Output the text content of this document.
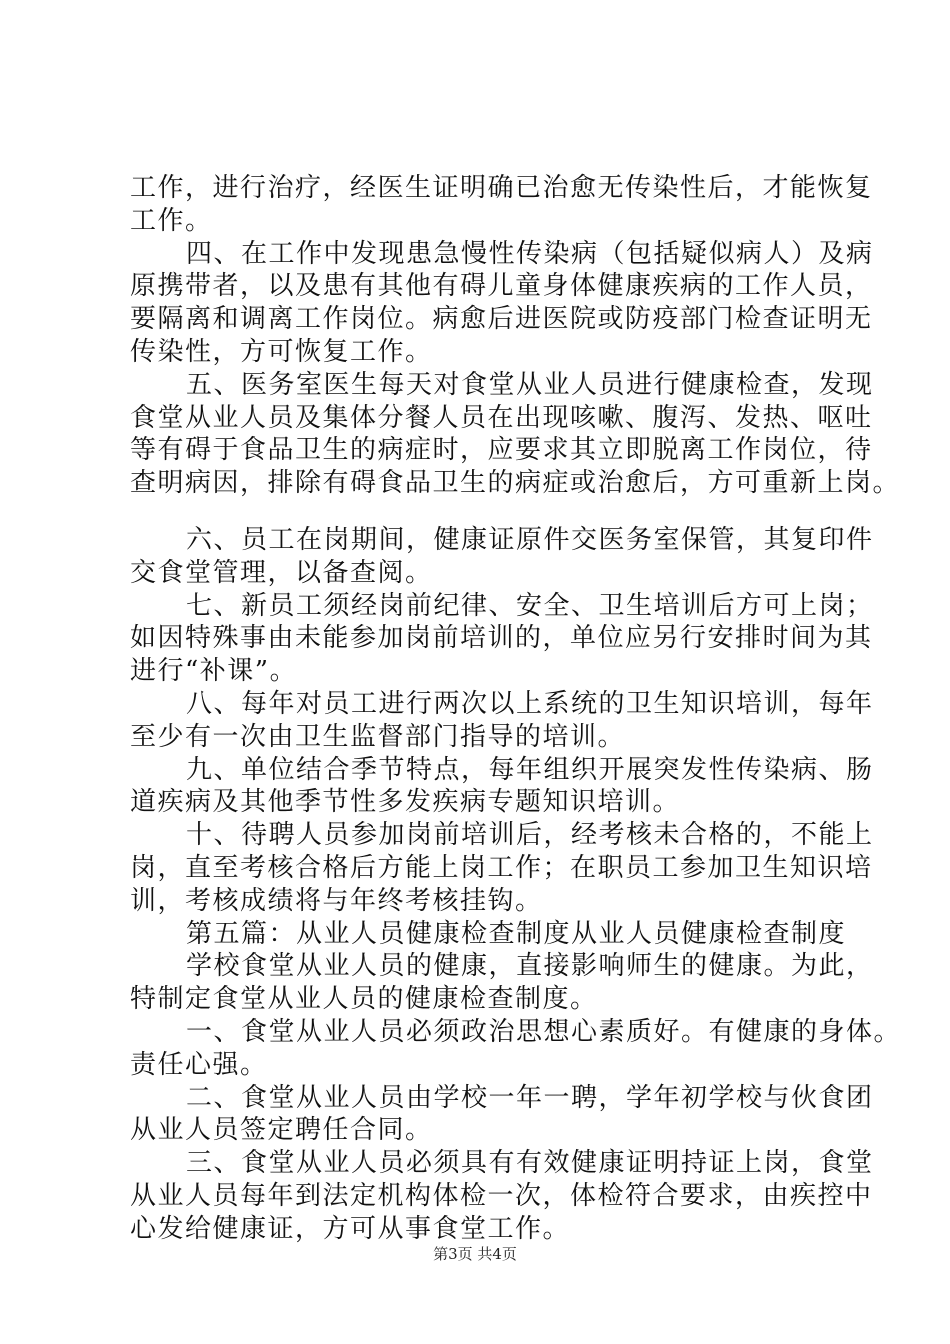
工作，进行治疗，经医生证明确已治愈无传染性后，才能恢复
工作。
四、在工作中发现患急慢性传染病（包括疑似病人）及病
原携带者，以及患有其他有碍儿童身体健康疾病的工作人员，
要隔离和调离工作岗位。病愈后进医院或防疫部门检查证明无
传染性，方可恢复工作。
五、医务室医生每天对食堂从业人员进行健康检查，发现
食堂从业人员及集体分餐人员在出现咳嗽、腹泻、发热、呕吐
等有碍于食品卫生的病症时，应要求其立即脱离工作岗位，待
查明病因，排除有碍食品卫生的病症或治愈后，方可重新上岗。
六、员工在岗期间，健康证原件交医务室保管，其复印件
交食堂管理，以备查阅。
七、新员工须经岗前纪律、安全、卫生培训后方可上岗；
如因特殊事由未能参加岗前培训的，单位应另行安排时间为其
进行“补课”。
八、每年对员工进行两次以上系统的卫生知识培训，每年
至少有一次由卫生监督部门指导的培训。
九、单位结合季节特点，每年组织开展突发性传染病、肠
道疾病及其他季节性多发疾病专题知识培训。
十、待聘人员参加岗前培训后，经考核未合格的，不能上
岗，直至考核合格后方能上岗工作；在职员工参加卫生知识培
训，考核成绩将与年终考核挂钩。
第五篇：从业人员健康检查制度从业人员健康检查制度
学校食堂从业人员的健康，直接影响师生的健康。为此，
特制定食堂从业人员的健康检查制度。
一、食堂从业人员必须政治思想心素质好。有健康的身体。
责任心强。
二、食堂从业人员由学校一年一聘，学年初学校与伙食团
从业人员签定聘任合同。
三、食堂从业人员必须具有有效健康证明持证上岗，食堂
从业人员每年到法定机构体检一次，体检符合要求，由疾控中
心发给健康证，方可从事食堂工作。
第3页 共4页
